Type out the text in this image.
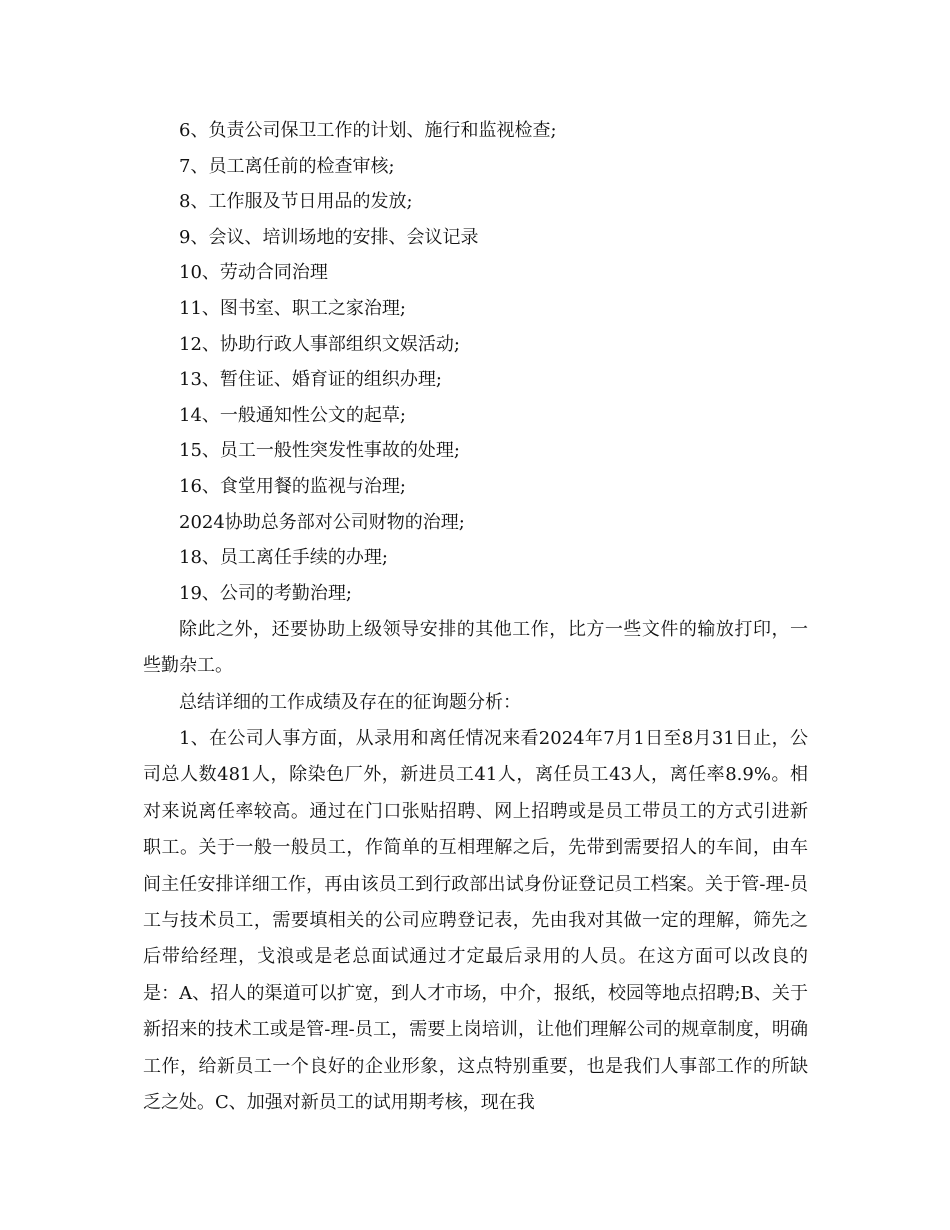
6、负责公司保卫工作的计划、施行和监视检查;
7、员工离任前的检查审核;
8、工作服及节日用品的发放;
9、会议、培训场地的安排、会议记录
10、劳动合同治理
11、图书室、职工之家治理;
12、协助行政人事部组织文娱活动;
13、暂住证、婚育证的组织办理;
14、一般通知性公文的起草;
15、员工一般性突发性事故的处理;
16、食堂用餐的监视与治理;
2024协助总务部对公司财物的治理;
18、员工离任手续的办理;
19、公司的考勤治理;

除此之外，还要协助上级领导安排的其他工作，比方一些文件的输放打印，一些勤杂工。

总结详细的工作成绩及存在的征询题分析：

1、在公司人事方面，从录用和离任情况来看2024年7月1日至8月31日止，公司总人数481人，除染色厂外，新进员工41人，离任员工43人，离任率8.9%。相对来说离任率较高。通过在门口张贴招聘、网上招聘或是员工带员工的方式引进新职工。关于一般一般员工，作简单的互相理解之后，先带到需要招人的车间，由车间主任安排详细工作，再由该员工到行政部出试身份证登记员工档案。关于管-理-员工与技术员工，需要填相关的公司应聘登记表，先由我对其做一定的理解，筛先之后带给经理，戈浪或是老总面试通过才定最后录用的人员。在这方面可以改良的是：A、招人的渠道可以扩宽，到人才市场，中介，报纸，校园等地点招聘;B、关于新招来的技术工或是管-理-员工，需要上岗培训，让他们理解公司的规章制度，明确工作，给新员工一个良好的企业形象，这点特别重要，也是我们人事部工作的所缺乏之处。C、加强对新员工的试用期考核，现在我
